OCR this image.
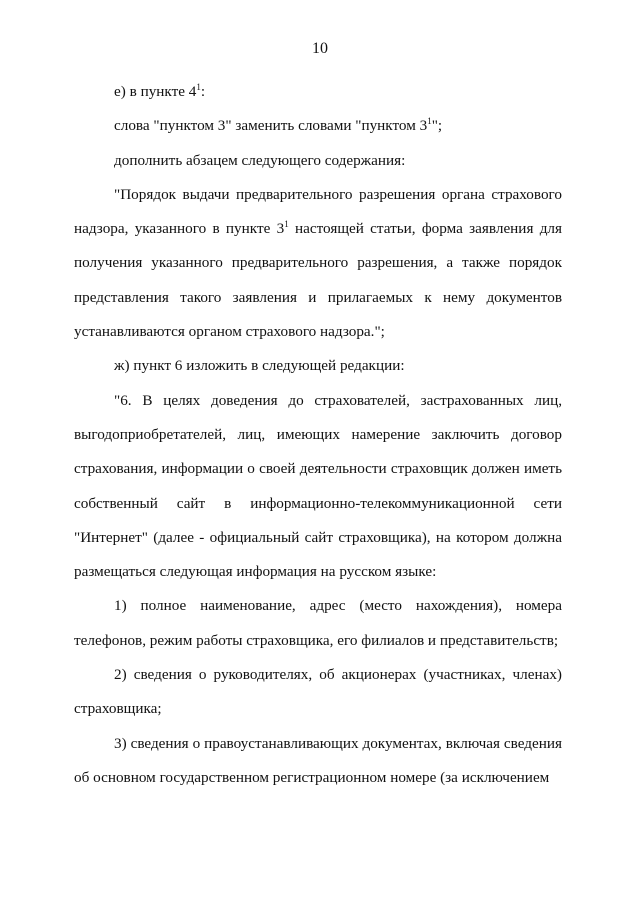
10

е) в пункте $4^1$:

слова "пунктом 3" заменить словами "пунктом $3^1$";

дополнить абзацем следующего содержания:

"Порядок выдачи предварительного разрешения органа страхового надзора, указанного в пункте $3^1$ настоящей статьи, форма заявления для получения указанного предварительного разрешения, а также порядок представления такого заявления и прилагаемых к нему документов устанавливаются органом страхового надзора.";

ж) пункт 6 изложить в следующей редакции:

"6. В целях доведения до страхователей, застрахованных лиц, выгодоприобретателей, лиц, имеющих намерение заключить договор страхования, информации о своей деятельности страховщик должен иметь собственный сайт в информационно-телекоммуникационной сети "Интернет" (далее - официальный сайт страховщика), на котором должна размещаться следующая информация на русском языке:

1) полное наименование, адрес (место нахождения), номера телефонов, режим работы страховщика, его филиалов и представительств;

2) сведения о руководителях, об акционерах (участниках, членах) страховщика;

3) сведения о правоустанавливающих документах, включая сведения об основном государственном регистрационном номере (за исключением
